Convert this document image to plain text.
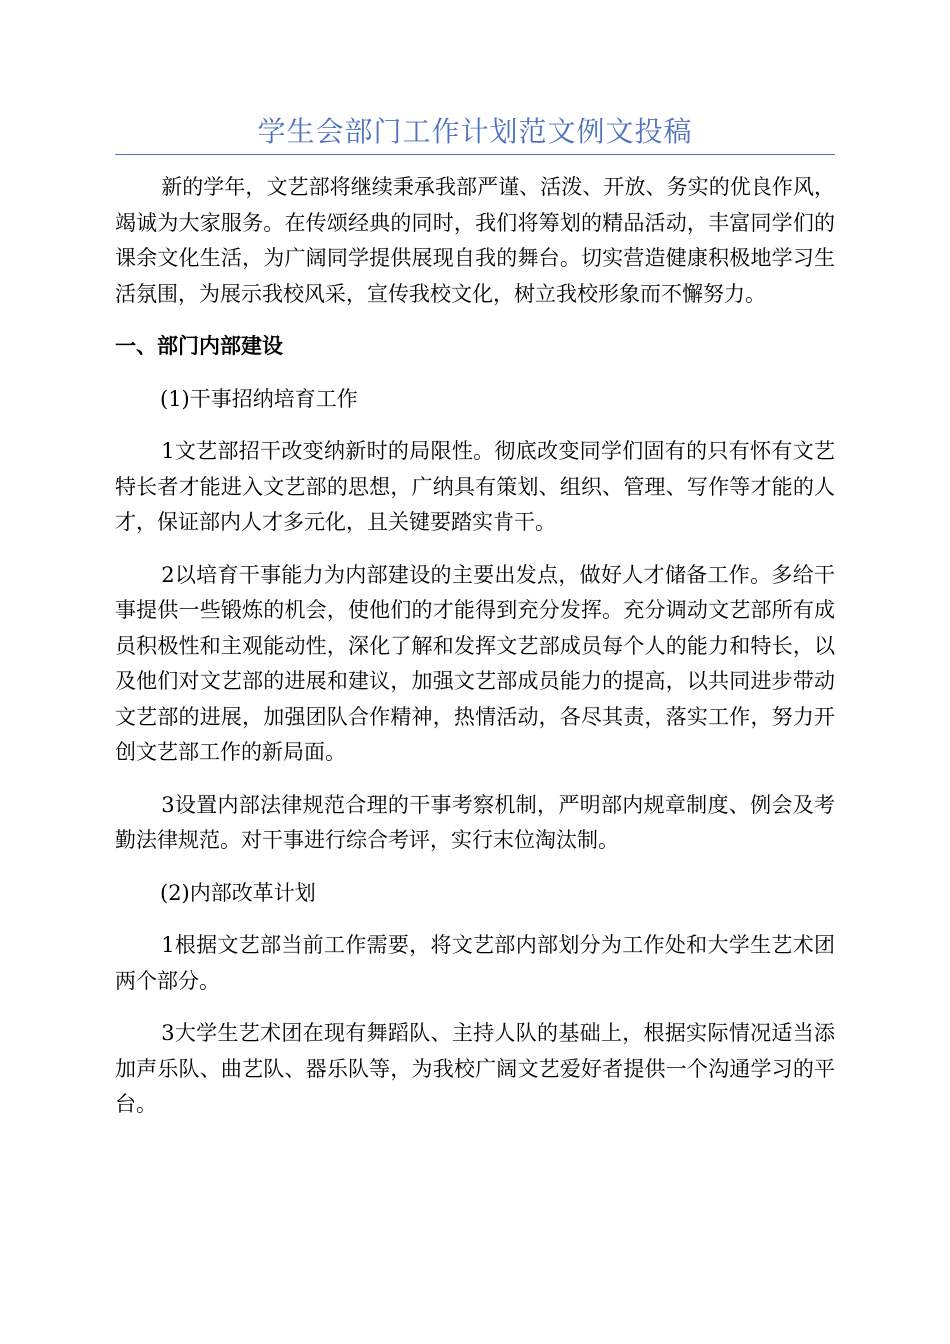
学生会部门工作计划范文例文投稿

新的学年，文艺部将继续秉承我部严谨、活泼、开放、务实的优良作风，竭诚为大家服务。在传颂经典的同时，我们将筹划的精品活动，丰富同学们的课余文化生活，为广阔同学提供展现自我的舞台。切实营造健康积极地学习生活氛围，为展示我校风采，宣传我校文化，树立我校形象而不懈努力。

一、部门内部建设
(1)干事招纳培育工作

1文艺部招干改变纳新时的局限性。彻底改变同学们固有的只有怀有文艺特长者才能进入文艺部的思想，广纳具有策划、组织、管理、写作等才能的人才，保证部内人才多元化，且关键要踏实肯干。

2以培育干事能力为内部建设的主要出发点，做好人才储备工作。多给干事提供一些锻炼的机会，使他们的才能得到充分发挥。充分调动文艺部所有成员积极性和主观能动性，深化了解和发挥文艺部成员每个人的能力和特长，以及他们对文艺部的进展和建议，加强文艺部成员能力的提高，以共同进步带动文艺部的进展，加强团队合作精神，热情活动，各尽其责，落实工作，努力开创文艺部工作的新局面。

3设置内部法律规范合理的干事考察机制，严明部内规章制度、例会及考勤法律规范。对干事进行综合考评，实行末位淘汰制。

(2)内部改革计划

1根据文艺部当前工作需要，将文艺部内部划分为工作处和大学生艺术团两个部分。

3大学生艺术团在现有舞蹈队、主持人队的基础上，根据实际情况适当添加声乐队、曲艺队、器乐队等，为我校广阔文艺爱好者提供一个沟通学习的平台。
